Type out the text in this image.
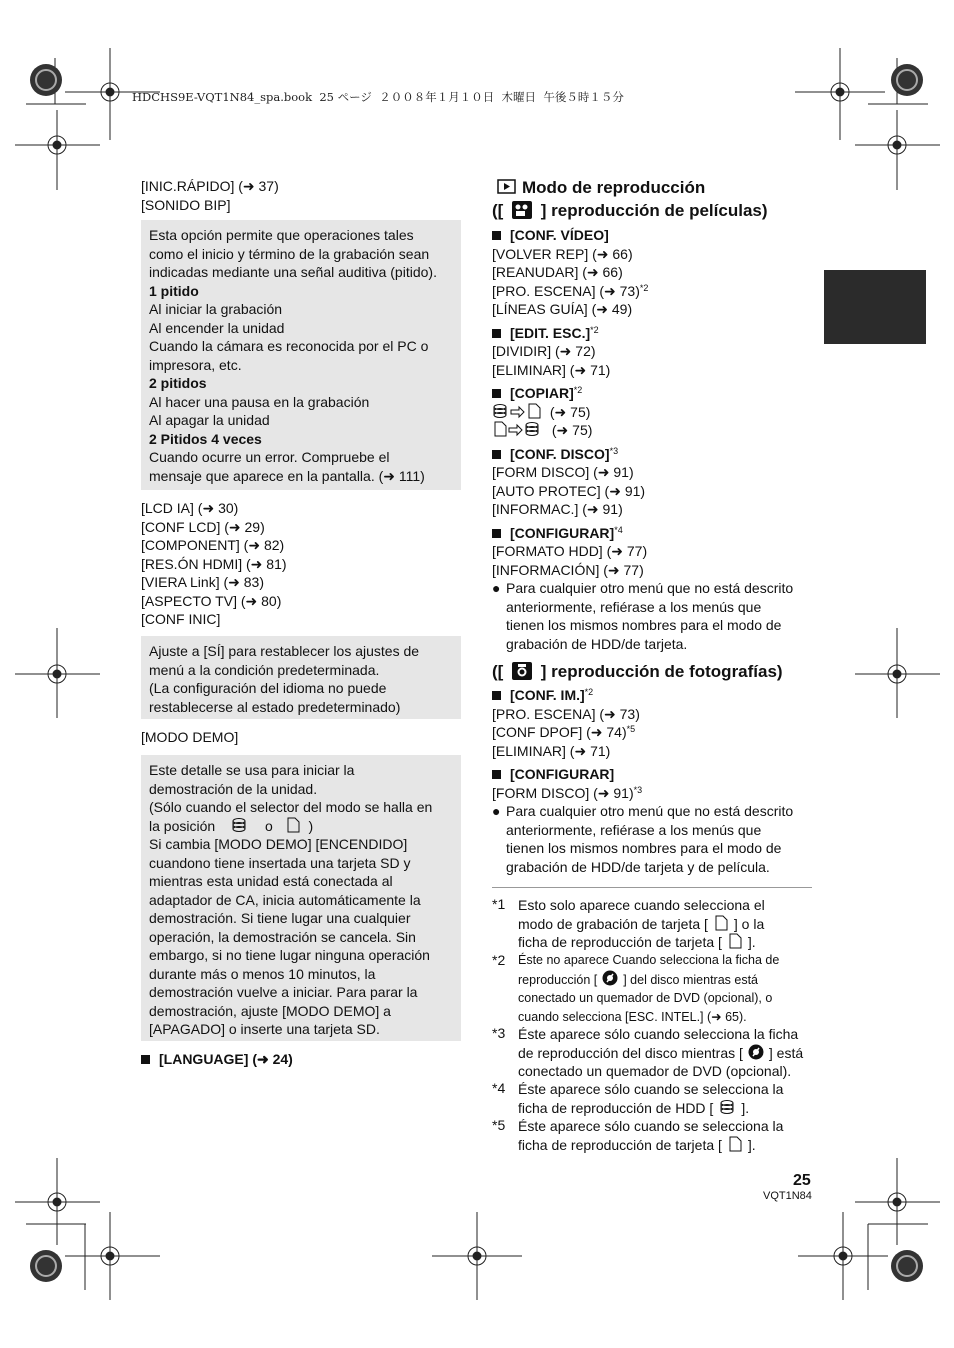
HDCHS9E-VQT1N84_spa.book  25 ページ  ２００８年１月１０日  木曜日  午後５時１５分
[INIC.RÁPIDO] (➜ 37)
[SONIDO BIP]
Esta opción permite que operaciones tales
como el inicio y término de la grabación sean
indicadas mediante una señal auditiva (pitido).
1 pitido
Al iniciar la grabación
Al encender la unidad
Cuando la cámara es reconocida por el PC o
impresora, etc.
2 pitidos
Al hacer una pausa en la grabación
Al apagar la unidad
2 Pitidos 4 veces
Cuando ocurre un error. Compruebe el
mensaje que aparece en la pantalla. (➜ 111)
[LCD IA] (➜ 30)
[CONF LCD] (➜ 29)
[COMPONENT] (➜ 82)
[RES.ÓN HDMI] (➜ 81)
[VIERA Link] (➜ 83)
[ASPECTO TV] (➜ 80)
[CONF INIC]
Ajuste a [SÍ] para restablecer los ajustes de
menú a la condición predeterminada.
(La configuración del idioma no puede
restablecerse al estado predeterminado)
[MODO DEMO]
Este detalle se usa para iniciar la
demostración de la unidad.
(Sólo cuando el selector del modo se halla en
la posición	o	)
Si cambia [MODO DEMO] [ENCENDIDO]
cuandono tiene insertada una tarjeta SD y
mientras esta unidad está conectada al
adaptador de CA, inicia automáticamente la
demostración. Si tiene lugar una cualquier
operación, la demostración se cancela. Sin
embargo, si no tiene lugar ninguna operación
durante más o menos 10 minutos, la
demostración vuelve a iniciar. Para parar la
demostración, ajuste [MODO DEMO] a
[APAGADO] o inserte una tarjeta SD.
[LANGUAGE] (➜ 24)
Modo de reproducción
([ ] reproducción de películas)
[CONF. VÍDEO]
[VOLVER REP] (➜ 66)
[REANUDAR] (➜ 66)
[PRO. ESCENA] (➜ 73)$^{*2}$
[LÍNEAS GUÍA] (➜ 49)
[EDIT. ESC.]$^{*2}$
[DIVIDIR] (➜ 72)
[ELIMINAR] (➜ 71)
[COPIAR]$^{*2}$
(➜ 75)
(➜ 75)
[CONF. DISCO]$^{*3}$
[FORM DISCO] (➜ 91)
[AUTO PROTEC] (➜ 91)
[INFORMAC.] (➜ 91)
[CONFIGURAR]$^{*4}$
[FORMATO HDD] (➜ 77)
[INFORMACIÓN] (➜ 77)
● Para cualquier otro menú que no está descrito
anteriormente, refiérase a los menús que
tienen los mismos nombres para el modo de
grabación de HDD/de tarjeta.
([ ] reproducción de fotografías)
[CONF. IM.]$^{*2}$
[PRO. ESCENA] (➜ 73)
[CONF DPOF] (➜ 74)$^{*5}$
[ELIMINAR] (➜ 71)
[CONFIGURAR]
[FORM DISCO] (➜ 91)$^{*3}$
● Para cualquier otro menú que no está descrito
anteriormente, refiérase a los menús que
tienen los mismos nombres para el modo de
grabación de HDD/de tarjeta y de película.
*1 Esto solo aparece cuando selecciona el
modo de grabación de tarjeta [ ] o la
ficha de reproducción de tarjeta [ ].
*2 Éste no aparece Cuando selecciona la ficha de
reproducción [ ] del disco mientras está
conectado un quemador de DVD (opcional), o
cuando selecciona [ESC. INTEL.] (➜ 65).
*3 Éste aparece sólo cuando selecciona la ficha
de reproducción del disco mientras [ ] está
conectado un quemador de DVD (opcional).
*4 Éste aparece sólo cuando se selecciona la
ficha de reproducción de HDD [ ].
*5 Éste aparece sólo cuando se selecciona la
ficha de reproducción de tarjeta [ ].
25
VQT1N84
